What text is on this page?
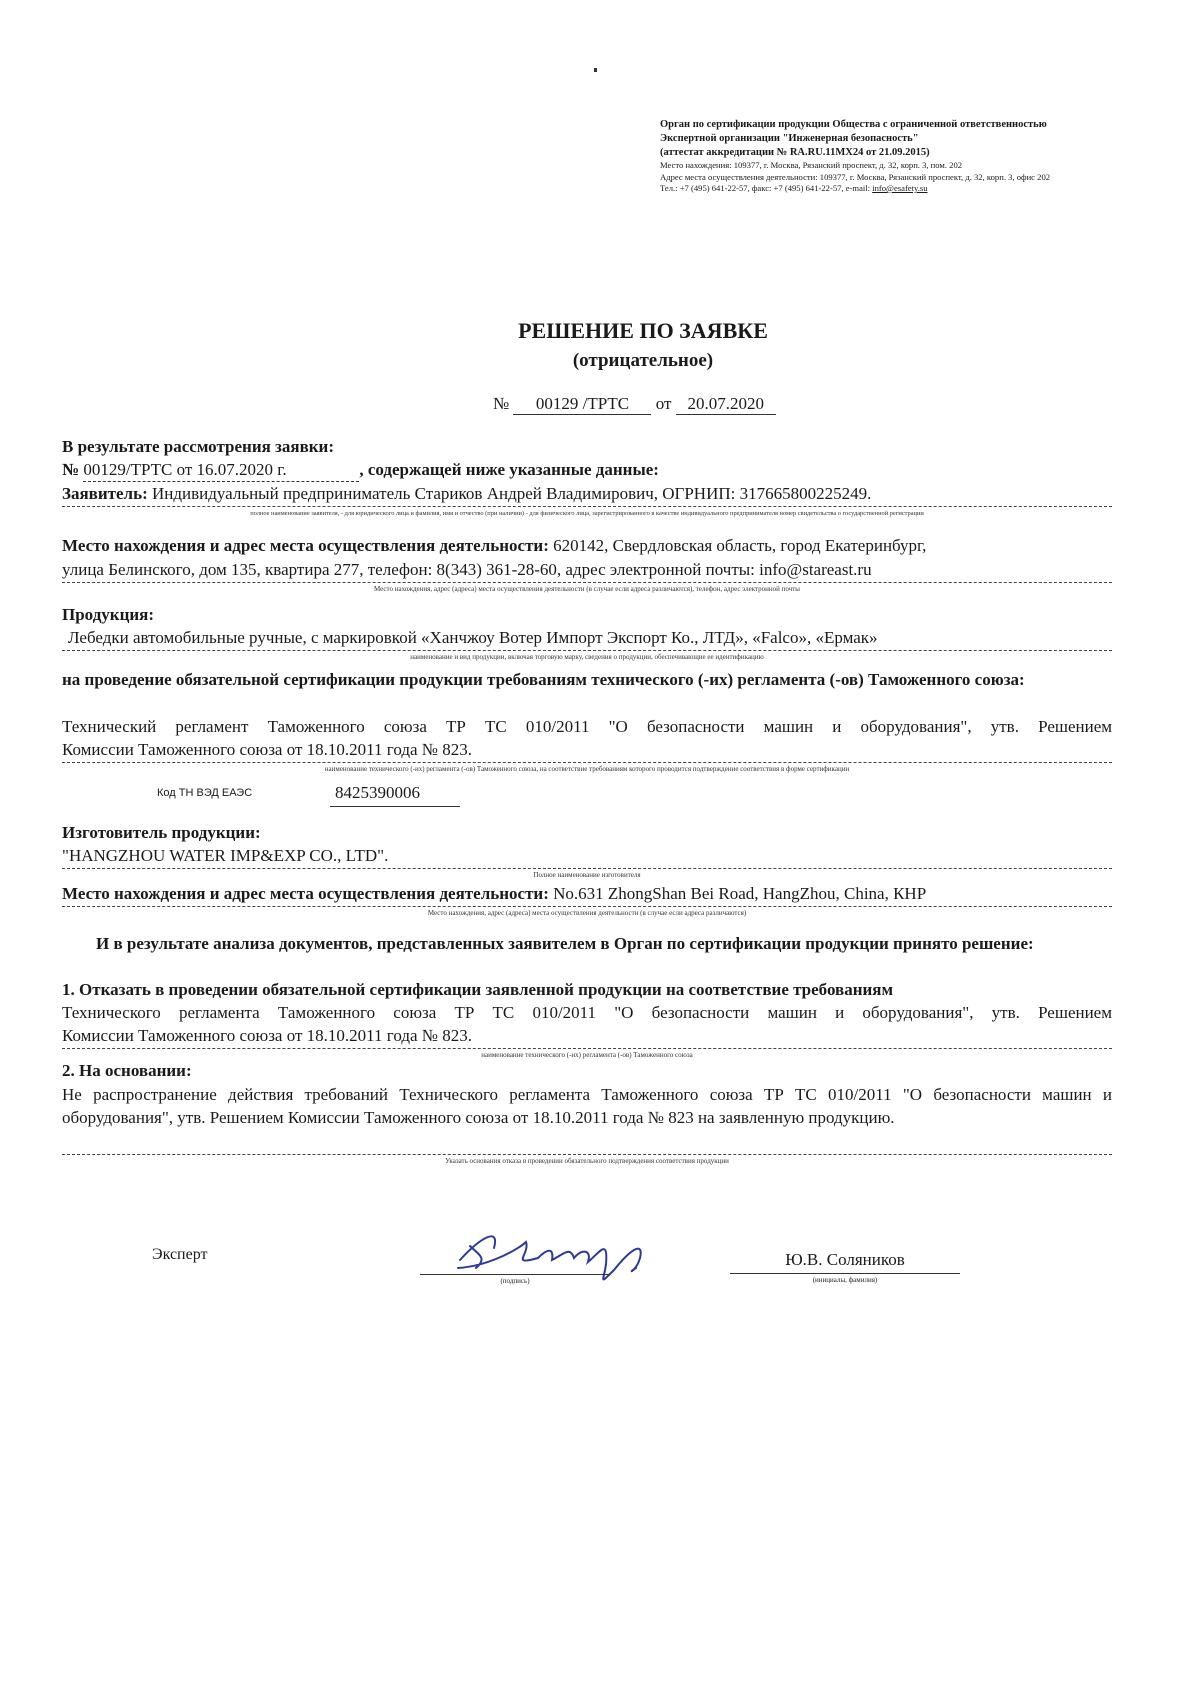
Орган по сертификации продукции Общества с ограниченной ответственностью
Экспертной организации "Инженерная безопасность"
(аттестат аккредитации № RA.RU.11MX24 от 21.09.2015)
Место нахождения: 109377, г. Москва, Рязанский проспект, д. 32, корп. 3, пом. 202
Адрес места осуществления деятельности: 109377, г. Москва, Рязанский проспект, д. 32, корп. 3, офис 202
Тел.: +7 (495) 641-22-57, факс: +7 (495) 641-22-57, e-mail: info@esafety.su
РЕШЕНИЕ ПО ЗАЯВКЕ
(отрицательное)
№ 00129 /ТРТС от 20.07.2020
В результате рассмотрения заявки:
№ 00129/ТРТС от 16.07.2020 г.	, содержащей ниже указанные данные:
Заявитель: Индивидуальный предприниматель Стариков Андрей Владимирович, ОГРНИП: 317665800225249.
полное наименование заявителя, - для юридического лица и фамилия, имя и отчество (при наличии) - для физического лица, зарегистрированного в качестве индивидуального предпринимателя номер свидетельства о государственной регистрации
Место нахождения и адрес места осуществления деятельности: 620142, Свердловская область, город Екатеринбург,
улица Белинского, дом 135, квартира 277, телефон: 8(343) 361-28-60, адрес электронной почты: info@stareast.ru
Место нахождения, адрес (адреса) места осуществления деятельности (в случае если адреса различаются), телефон, адрес электронной почты
Продукция:
Лебедки автомобильные ручные, с маркировкой «Ханчжоу Вотер Импорт Экспорт Ко., ЛТД», «Falco», «Ермак»
наименование и вид продукции, включая торговую марку, сведения о продукции, обеспечивающие ее идентификацию
на проведение обязательной сертификации продукции требованиям технического (-их) регламента (-ов) Таможенного союза:
Технический регламент Таможенного союза ТР ТС 010/2011 "О безопасности машин и оборудования", утв. Решением
Комиссии Таможенного союза от 18.10.2011 года № 823.
наименование технического (-их) регламента (-ов) Таможенного союза, на соответствие требованиям которого проводится подтверждение соответствия в форме сертификации
Код ТН ВЭД ЕАЭС	8425390006
Изготовитель продукции:
"HANGZHOU WATER IMP&EXP CO., LTD".
Полное наименование изготовителя
Место нахождения и адрес места осуществления деятельности: No.631 ZhongShan Bei Road, HangZhou, China, КНР
Место нахождения, адрес (адреса) места осуществления деятельности (в случае если адреса различаются)
И в результате анализа документов, представленных заявителем в Орган по сертификации продукции принято решение:
1. Отказать в проведении обязательной сертификации заявленной продукции на соответствие требованиям
Технического регламента Таможенного союза ТР ТС 010/2011 "О безопасности машин и оборудования", утв. Решением
Комиссии Таможенного союза от 18.10.2011 года № 823.
наименование технического (-их) регламента (-ов) Таможенного союза
2. На основании:
Не распространение действия требований Технического регламента Таможенного союза ТР ТС 010/2011 "О безопасности машин и оборудования", утв. Решением Комиссии Таможенного союза от 18.10.2011 года № 823 на заявленную продукцию.
Указать основания отказа в проведении обязательного подтверждения соответствия продукции
Эксперт
(подпись)
Ю.В. Соляников
(инициалы, фамилия)
